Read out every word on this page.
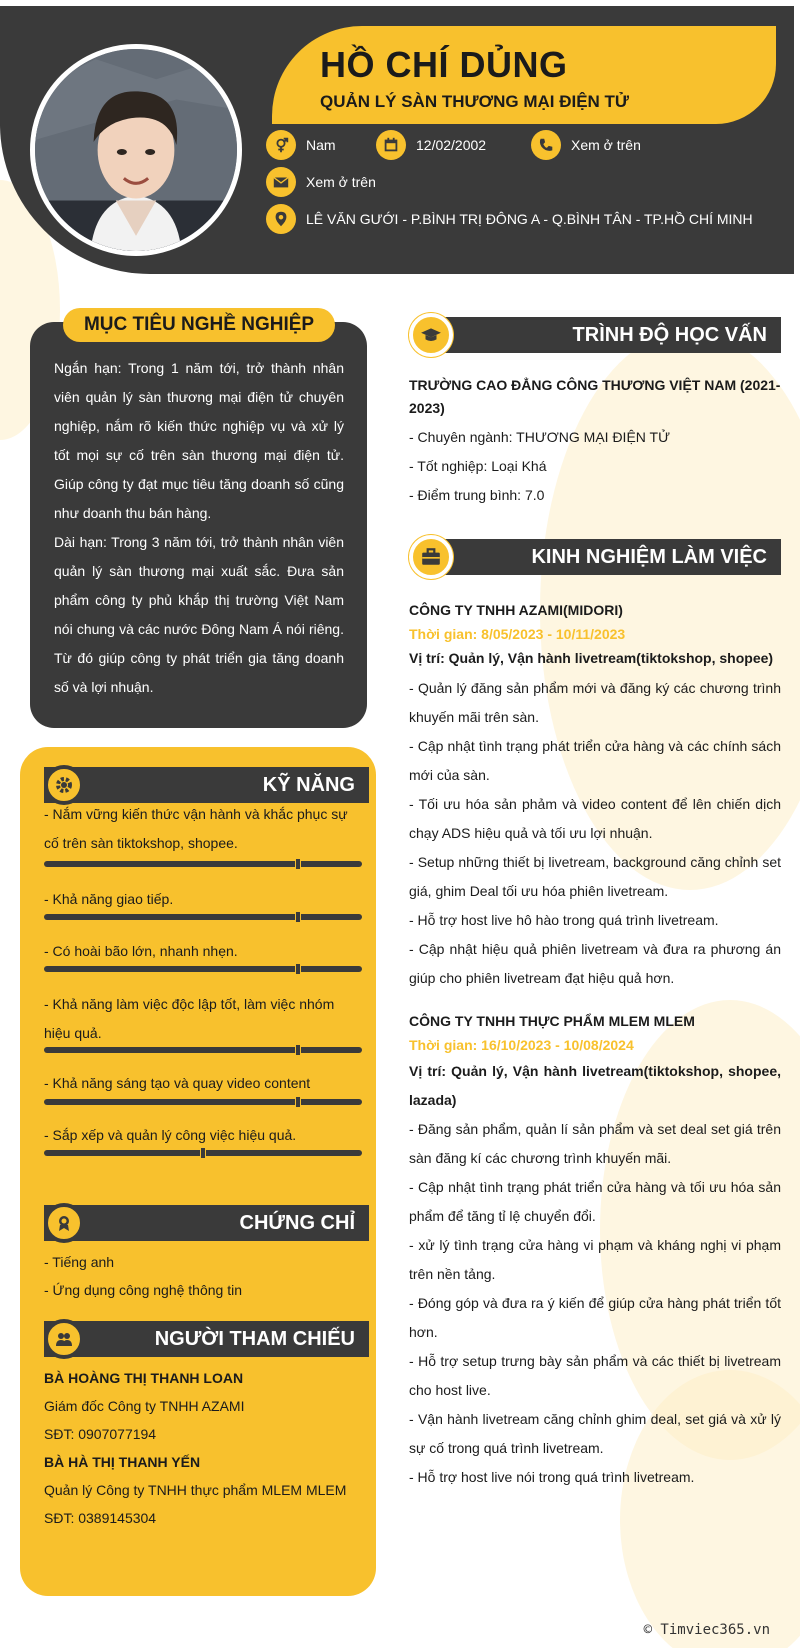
HỒ CHÍ DỦNG
QUẢN LÝ SÀN THƯƠNG MẠI ĐIỆN TỬ
Nam	12/02/2002	Xem ở trên
Xem ở trên
LÊ VĂN GƯỚI - P.BÌNH TRỊ ĐÔNG A - Q.BÌNH TÂN - TP.HỒ CHÍ MINH
MỤC TIÊU NGHỀ NGHIỆP

Ngắn hạn: Trong 1 năm tới, trở thành nhân viên quản lý sàn thương mại điện tử chuyên nghiệp, nắm rõ kiến thức nghiệp vụ và xử lý tốt mọi sự cố trên sàn thương mại điện tử. Giúp công ty đạt mục tiêu tăng doanh số cũng như doanh thu bán hàng.

Dài hạn: Trong 3 năm tới, trở thành nhân viên quản lý sàn thương mại xuất sắc. Đưa sản phẩm công ty phủ khắp thị trường Việt Nam nói chung và các nước Đông Nam Á nói riêng. Từ đó giúp công ty phát triển gia tăng doanh số và lợi nhuận.

KỸ NĂNG
- Nắm vững kiến thức vận hành và khắc phục sự cố trên sàn tiktokshop, shopee.
- Khả năng giao tiếp.
- Có hoài bão lớn, nhanh nhẹn.
- Khả năng làm việc độc lập tốt, làm việc nhóm hiệu quả.
- Khả năng sáng tạo và quay video content
- Sắp xếp và quản lý công việc hiệu quả.
CHỨNG CHỈ
- Tiếng anh
- Ứng dụng công nghệ thông tin
NGƯỜI THAM CHIẾU
BÀ HOÀNG THỊ THANH LOAN
Giám đốc Công ty TNHH AZAMI
SĐT: 0907077194
BÀ HÀ THỊ THANH YẾN
Quản lý Công ty TNHH thực phẩm MLEM MLEM
SĐT: 0389145304
TRÌNH ĐỘ HỌC VẤN
TRƯỜNG CAO ĐẲNG CÔNG THƯƠNG VIỆT NAM (2021-2023)
- Chuyên ngành: THƯƠNG MẠI ĐIỆN TỬ
- Tốt nghiệp: Loại Khá
- Điểm trung bình: 7.0
KINH NGHIỆM LÀM VIỆC
CÔNG TY TNHH AZAMI(MIDORI)
Thời gian: 8/05/2023 - 10/11/2023
Vị trí: Quản lý, Vận hành livetream(tiktokshop, shopee)
- Quản lý đăng sản phẩm mới và đăng ký các chương trình khuyến mãi trên sàn.
- Cập nhật tình trạng phát triển cửa hàng và các chính sách mới của sàn.
- Tối ưu hóa sản phảm và video content để lên chiến dịch chạy ADS hiệu quả và tối ưu lợi nhuận.
- Setup những thiết bị livetream, background căng chỉnh set giá, ghim Deal tối ưu hóa phiên livetream.
- Hỗ trợ host live hô hào trong quá trình livetream.
- Cập nhật hiệu quả phiên livetream và đưa ra phương án giúp cho phiên livetream đạt hiệu quả hơn.
CÔNG TY TNHH THỰC PHẨM MLEM MLEM
Thời gian: 16/10/2023 - 10/08/2024
Vị trí: Quản lý, Vận hành livetream(tiktokshop, shopee, lazada)
- Đăng sản phẩm, quản lí sản phẩm và set deal set giá trên sàn đăng kí các chương trình khuyến mãi.
- Cập nhật tình trạng phát triển cửa hàng và tối ưu hóa sản phẩm để tăng tỉ lệ chuyển đổi.
- xử lý tình trạng cửa hàng vi phạm và kháng nghị vi phạm trên nền tảng.
- Đóng góp và đưa ra ý kiến để giúp cửa hàng phát triển tốt hơn.
- Hỗ trợ setup trưng bày sản phẩm và các thiết bị livetream cho host live.
- Vận hành livetream căng chỉnh ghim deal, set giá và xử lý sự cố trong quá trình livetream.
- Hỗ trợ host live nói trong quá trình livetream.
© Timviec365.vn
